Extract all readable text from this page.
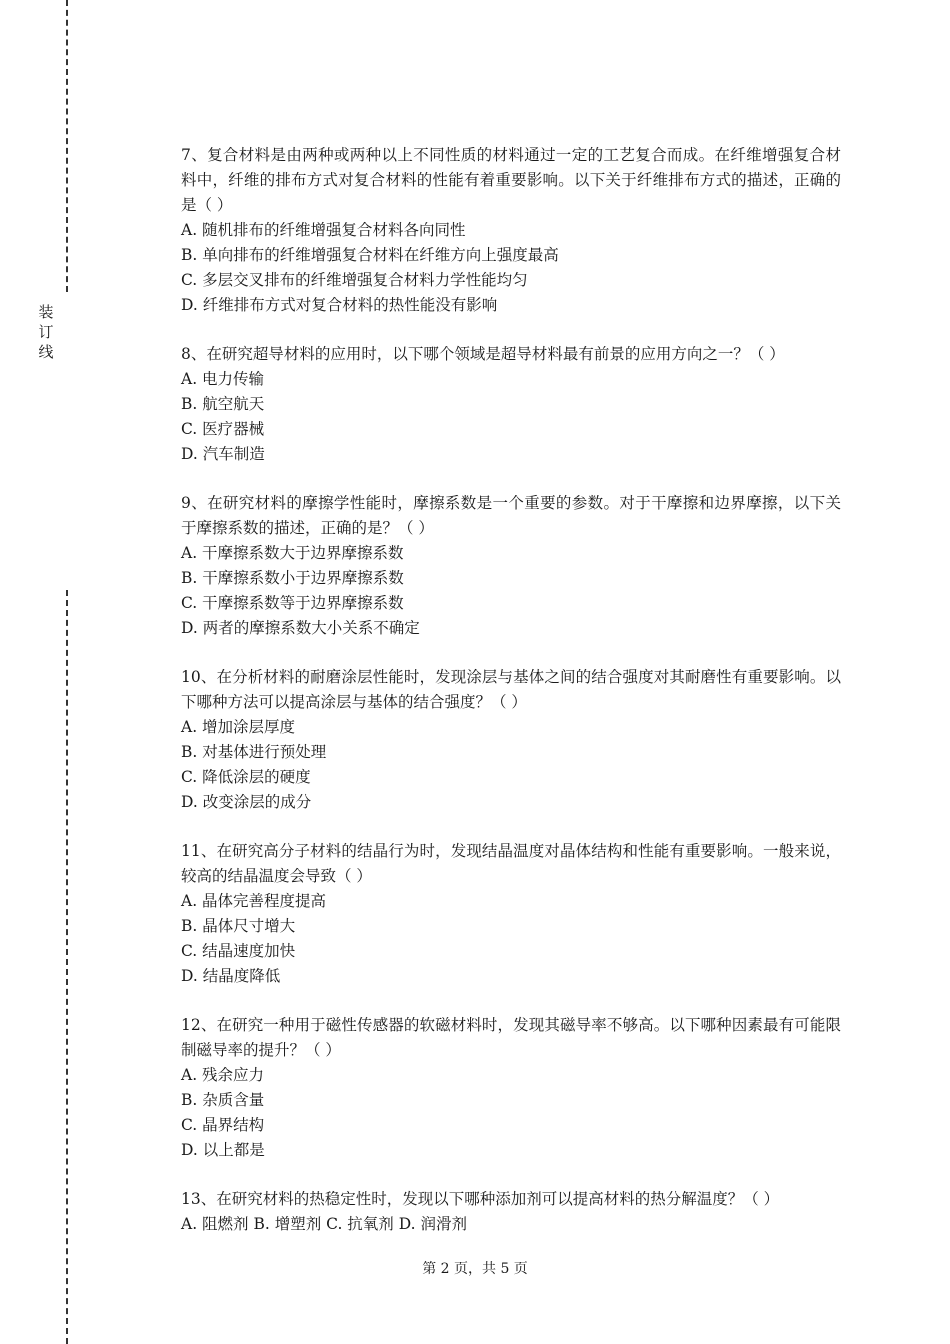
装订线

7、复合材料是由两种或两种以上不同性质的材料通过一定的工艺复合而成。在纤维增强复合材料中，纤维的排布方式对复合材料的性能有着重要影响。以下关于纤维排布方式的描述，正确的是（ ）

A. 随机排布的纤维增强复合材料各向同性

B. 单向排布的纤维增强复合材料在纤维方向上强度最高

C. 多层交叉排布的纤维增强复合材料力学性能均匀

D. 纤维排布方式对复合材料的热性能没有影响

8、在研究超导材料的应用时，以下哪个领域是超导材料最有前景的应用方向之一？（ ）

A. 电力传输

B. 航空航天

C. 医疗器械

D. 汽车制造

9、在研究材料的摩擦学性能时，摩擦系数是一个重要的参数。对于干摩擦和边界摩擦，以下关于摩擦系数的描述，正确的是？（ ）

A. 干摩擦系数大于边界摩擦系数

B. 干摩擦系数小于边界摩擦系数

C. 干摩擦系数等于边界摩擦系数

D. 两者的摩擦系数大小关系不确定

10、在分析材料的耐磨涂层性能时，发现涂层与基体之间的结合强度对其耐磨性有重要影响。以下哪种方法可以提高涂层与基体的结合强度？（ ）

A. 增加涂层厚度

B. 对基体进行预处理

C. 降低涂层的硬度

D. 改变涂层的成分

11、在研究高分子材料的结晶行为时，发现结晶温度对晶体结构和性能有重要影响。一般来说，较高的结晶温度会导致（ ）

A. 晶体完善程度提高

B. 晶体尺寸增大

C. 结晶速度加快

D. 结晶度降低

12、在研究一种用于磁性传感器的软磁材料时，发现其磁导率不够高。以下哪种因素最有可能限制磁导率的提升？（ ）

A. 残余应力

B. 杂质含量

C. 晶界结构

D. 以上都是

13、在研究材料的热稳定性时，发现以下哪种添加剂可以提高材料的热分解温度？（ ）

A. 阻燃剂 B. 增塑剂 C. 抗氧剂 D. 润滑剂

第 2 页，共 5 页
